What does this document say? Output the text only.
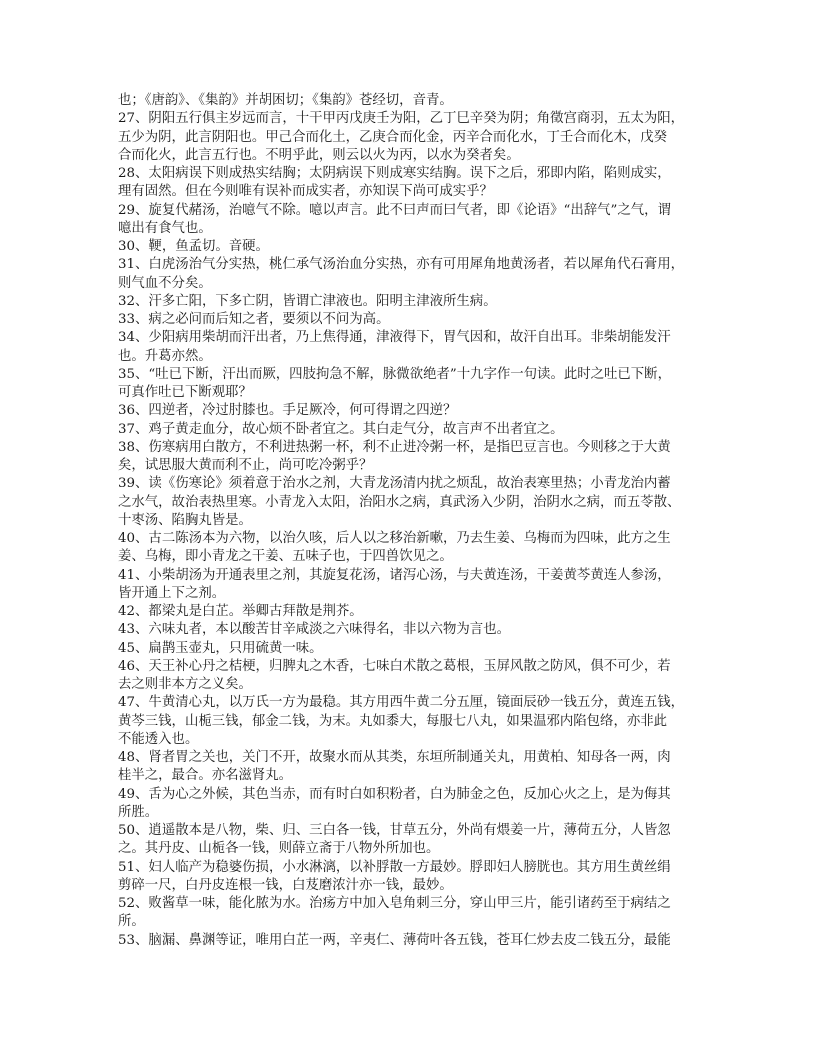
也；《唐韵》、《集韵》并胡困切；《集韵》苍经切，音青。
27、阴阳五行俱主岁远而言，十干甲丙戊庚壬为阳，乙丁巳辛癸为阴；角徵宫商羽，五太为阳，
五少为阴，此言阴阳也。甲己合而化土，乙庚合而化金，丙辛合而化水，丁壬合而化木，戊癸
合而化火，此言五行也。不明乎此，则云以火为丙，以水为癸者矣。
28、太阳病误下则成热实结胸；太阴病误下则成寒实结胸。误下之后，邪即内陷，陷则成实，
理有固然。但在今则唯有误补而成实者，亦知误下尚可成实乎？
29、旋复代赭汤，治噫气不除。噫以声言。此不曰声而曰气者，即《论语》“出辞气”之气，谓
噫出有食气也。
30、鞕，鱼孟切。音硬。
31、白虎汤治气分实热，桃仁承气汤治血分实热，亦有可用犀角地黄汤者，若以犀角代石膏用，
则气血不分矣。
32、汗多亡阳，下多亡阴，皆谓亡津液也。阳明主津液所生病。
33、病之必问而后知之者，要须以不问为高。
34、少阳病用柴胡而汗出者，乃上焦得通，津液得下，胃气因和，故汗自出耳。非柴胡能发汗
也。升葛亦然。
35、“吐已下断，汗出而厥，四肢拘急不解，脉微欲绝者”十九字作一句读。此时之吐已下断，
可真作吐已下断观耶？
36、四逆者，冷过肘膝也。手足厥冷，何可得谓之四逆？
37、鸡子黄走血分，故心烦不卧者宜之。其白走气分，故言声不出者宜之。
38、伤寒病用白散方，不利进热粥一杯，利不止进冷粥一杯，是指巴豆言也。今则移之于大黄
矣，试思服大黄而利不止，尚可吃冷粥乎？
39、读《伤寒论》须着意于治水之剂，大青龙汤清内扰之烦乱，故治表寒里热；小青龙治内蓄
之水气，故治表热里寒。小青龙入太阳，治阳水之病，真武汤入少阴，治阴水之病，而五苓散、
十枣汤、陷胸丸皆是。
40、古二陈汤本为六物，以治久咳，后人以之移治新嗽，乃去生姜、乌梅而为四味，此方之生
姜、乌梅，即小青龙之干姜、五味子也，于四兽饮见之。
41、小柴胡汤为开通表里之剂，其旋复花汤，诸泻心汤，与夫黄连汤，干姜黄芩黄连人参汤，
皆开通上下之剂。
42、都梁丸是白芷。举卿古拜散是荆芥。
43、六味丸者，本以酸苦甘辛咸淡之六味得名，非以六物为言也。
45、扁鹊玉壶丸，只用硫黄一味。
46、天王补心丹之桔梗，归脾丸之木香，七味白术散之葛根，玉屏风散之防风，俱不可少，若
去之则非本方之义矣。
47、牛黄清心丸，以万氏一方为最稳。其方用西牛黄二分五厘，镜面辰砂一钱五分，黄连五钱，
黄芩三钱，山栀三钱，郁金二钱，为末。丸如黍大，每服七八丸，如果温邪内陷包络，亦非此
不能透入也。
48、肾者胃之关也，关门不开，故聚水而从其类，东垣所制通关丸，用黄柏、知母各一两，肉
桂半之，最合。亦名滋肾丸。
49、舌为心之外候，其色当赤，而有时白如积粉者，白为肺金之色，反加心火之上，是为侮其
所胜。
50、逍遥散本是八物，柴、归、三白各一钱，甘草五分，外尚有煨姜一片，薄荷五分，人皆忽
之。其丹皮、山栀各一钱，则薛立斋于八物外所加也。
51、妇人临产为稳婆伤损，小水淋漓，以补脬散一方最妙。脬即妇人膀胱也。其方用生黄丝绢
剪碎一尺，白丹皮连根一钱，白芨磨浓汁亦一钱，最妙。
52、败酱草一味，能化脓为水。治疡方中加入皂角刺三分，穿山甲三片，能引诸药至于病结之
所。
53、脑漏、鼻渊等证，唯用白芷一两，辛夷仁、薄荷叶各五钱，苍耳仁炒去皮二钱五分，最能
